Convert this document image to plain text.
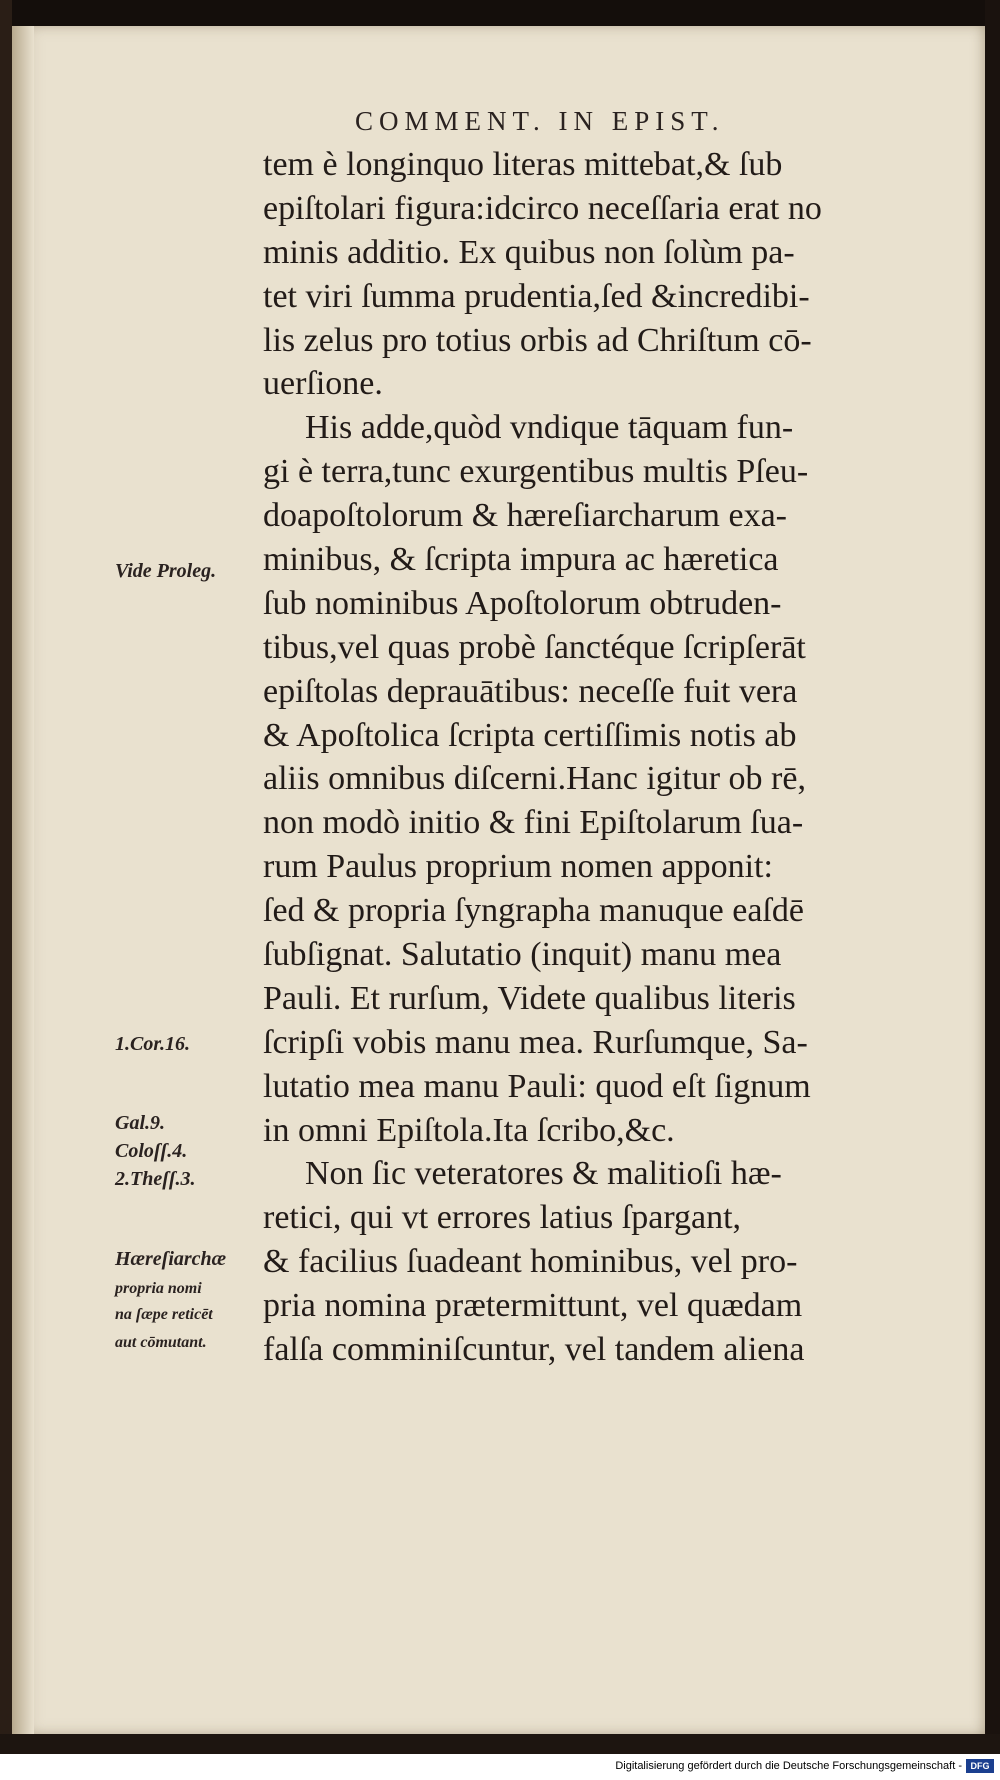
COMMENT. IN EPIST.
tem è longinquo literas mittebat,& ſub
epiſtolari figura:idcirco neceſſaria erat no
minis additio. Ex quibus non ſolùm pa-
tet viri ſumma prudentia,ſed &incredibi-
lis zelus pro totius orbis ad Chriſtum cō-
uerſione.
His adde,quòd vndique tāquam fun-
gi è terra,tunc exurgentibus multis Pſeu-
doapoſtolorum & hæreſiarcharum exa-
minibus, & ſcripta impura ac hæretica
ſub nominibus Apoſtolorum obtruden-
tibus,vel quas probè ſanctéque ſcripſerāt
epiſtolas deprauātibus: neceſſe fuit vera
& Apoſtolica ſcripta certiſſimis notis ab
aliis omnibus diſcerni.Hanc igitur ob rē,
non modò initio & fini Epiſtolarum ſua-
rum Paulus proprium nomen apponit:
ſed & propria ſyngrapha manuque eaſdē
ſubſignat. Salutatio (inquit) manu mea
Pauli. Et rurſum, Videte qualibus literis
ſcripſi vobis manu mea. Rurſumque, Sa-
lutatio mea manu Pauli: quod eſt ſignum
in omni Epiſtola.Ita ſcribo,&c.
Non ſic veteratores & malitioſi hæ-
retici, qui vt errores latius ſpargant,
& facilius ſuadeant hominibus, vel pro-
pria nomina prætermittunt, vel quædam
falſa comminiſcuntur, vel tandem aliena
Vide Proleg.
1.Cor.16.
Gal.9.
Coloſſ.4.
2.Theſſ.3.
Hæreſiarchæ
propria nomi
na ſæpe reticēt
aut cōmutant.
Digitalisierung gefördert durch die Deutsche Forschungsgemeinschaft - DFG
